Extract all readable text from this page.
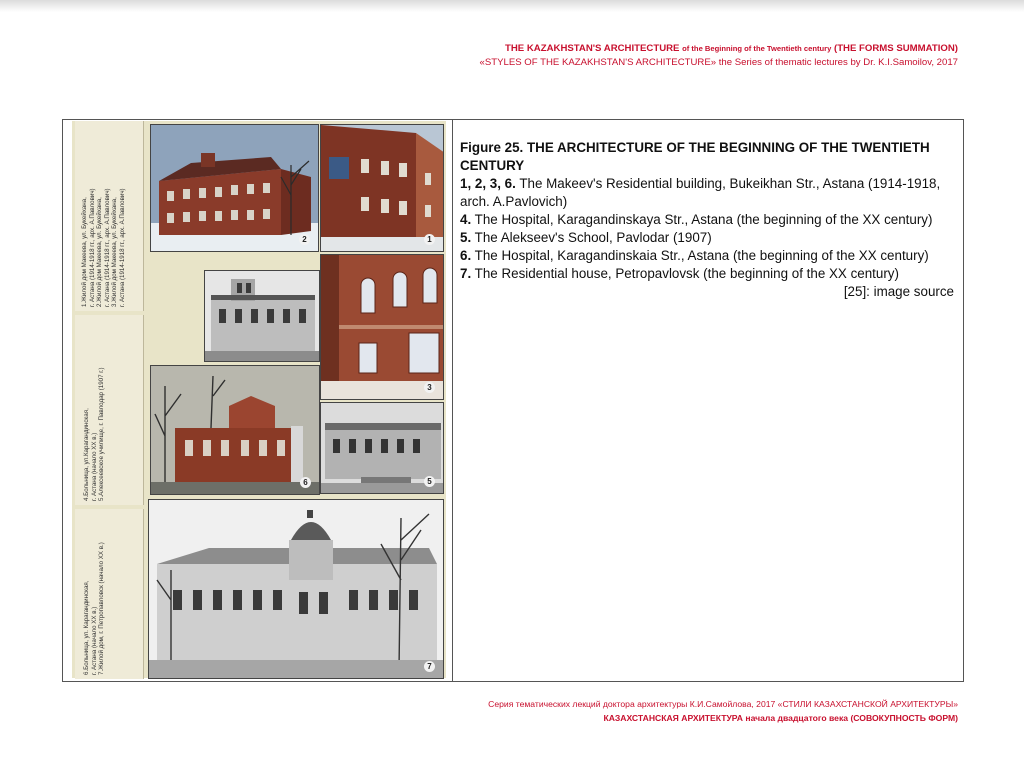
THE KAZAKHSTAN'S ARCHITECTURE of the Beginning of the Twentieth century (THE FORMS SUMMATION)
«STYLES OF THE KAZAKHSTAN'S ARCHITECTURE» the Series of thematic lectures by Dr. K.I.Samoilov, 2017
1.Жилой дом Макеева, ул. Букейхана, г. Астана (1914-1918 гг., арх. А.Павлович) 2.Жилой дом Макеева, ул. Букейхана, г. Астана (1914-1918 гг., арх. А.Павлович) 3.Жилой дом Макеева, ул. Букейхана, г. Астана (1914-1918 гг., арх. А.Павлович)
4.Больница, ул.Карагандинская, г. Астана (начало XX в.) 5.Алексеевское училище, г. Павлодар (1907 г.)
6.Больница, ул. Карагандинская, г. Астана (начало XX в.) 7.Жилой дом, г. Петропавловск (начало XX в.)
2	1
3
6	5
7

Figure 25. THE ARCHITECTURE OF THE BEGINNING OF THE TWENTIETH CENTURY

1, 2, 3, 6. The Makeev's Residential building, Bukeikhan Str., Astana (1914-1918, arch. A.Pavlovich)

4. The Hospital, Karagandinskaya Str., Astana (the beginning of the XX century)

5. The Alekseev's School, Pavlodar (1907)

6. The Hospital, Karagandinskaia Str., Astana (the beginning of the XX century)

7. The Residential house, Petropavlovsk (the beginning of the XX century)

[25]: image source

Серия тематических лекций доктора архитектуры К.И.Самойлова, 2017 «СТИЛИ КАЗАХСТАНСКОЙ АРХИТЕКТУРЫ»
КАЗАХСТАНСКАЯ АРХИТЕКТУРА начала двадцатого века (СОВОКУПНОСТЬ ФОРМ)
